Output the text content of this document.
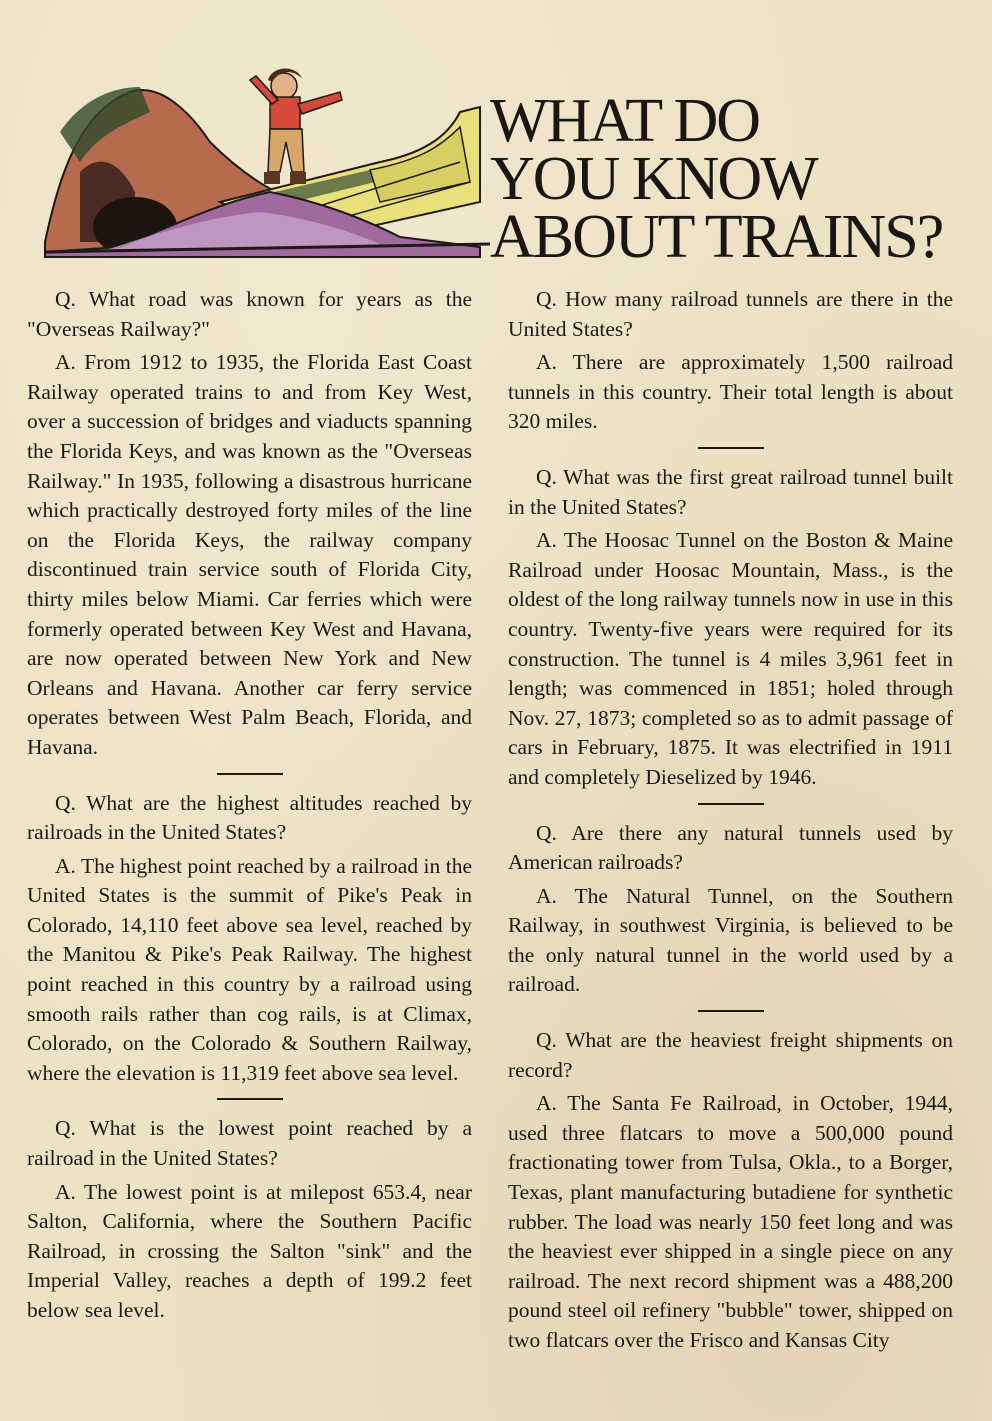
WHAT DO
YOU KNOW
ABOUT TRAINS?

Q. What road was known for years as the "Overseas Railway?"

A. From 1912 to 1935, the Florida East Coast Railway operated trains to and from Key West, over a succession of bridges and viaducts spanning the Florida Keys, and was known as the "Overseas Railway." In 1935, following a disastrous hurricane which practically destroyed forty miles of the line on the Florida Keys, the railway company discontinued train service south of Florida City, thirty miles below Miami. Car ferries which were formerly operated between Key West and Havana, are now operated between New York and New Orleans and Havana. Another car ferry service operates between West Palm Beach, Florida, and Havana.

Q. What are the highest altitudes reached by railroads in the United States?

A. The highest point reached by a railroad in the United States is the summit of Pike's Peak in Colorado, 14,110 feet above sea level, reached by the Manitou & Pike's Peak Railway. The highest point reached in this country by a railroad using smooth rails rather than cog rails, is at Climax, Colorado, on the Colorado & Southern Railway, where the elevation is 11,319 feet above sea level.

Q. What is the lowest point reached by a railroad in the United States?

A. The lowest point is at milepost 653.4, near Salton, California, where the Southern Pacific Railroad, in crossing the Salton "sink" and the Imperial Valley, reaches a depth of 199.2 feet below sea level.

Q. How many railroad tunnels are there in the United States?

A. There are approximately 1,500 railroad tunnels in this country. Their total length is about 320 miles.

Q. What was the first great railroad tunnel built in the United States?

A. The Hoosac Tunnel on the Boston & Maine Railroad under Hoosac Mountain, Mass., is the oldest of the long railway tunnels now in use in this country. Twenty-five years were required for its construction. The tunnel is 4 miles 3,961 feet in length; was commenced in 1851; holed through Nov. 27, 1873; completed so as to admit passage of cars in February, 1875. It was electrified in 1911 and completely Dieselized by 1946.

Q. Are there any natural tunnels used by American railroads?

A. The Natural Tunnel, on the Southern Railway, in southwest Virginia, is believed to be the only natural tunnel in the world used by a railroad.

Q. What are the heaviest freight shipments on record?

A. The Santa Fe Railroad, in October, 1944, used three flatcars to move a 500,000 pound fractionating tower from Tulsa, Okla., to a Borger, Texas, plant manufacturing butadiene for synthetic rubber. The load was nearly 150 feet long and was the heaviest ever shipped in a single piece on any railroad. The next record shipment was a 488,200 pound steel oil refinery "bubble" tower, shipped on two flatcars over the Frisco and Kansas City
